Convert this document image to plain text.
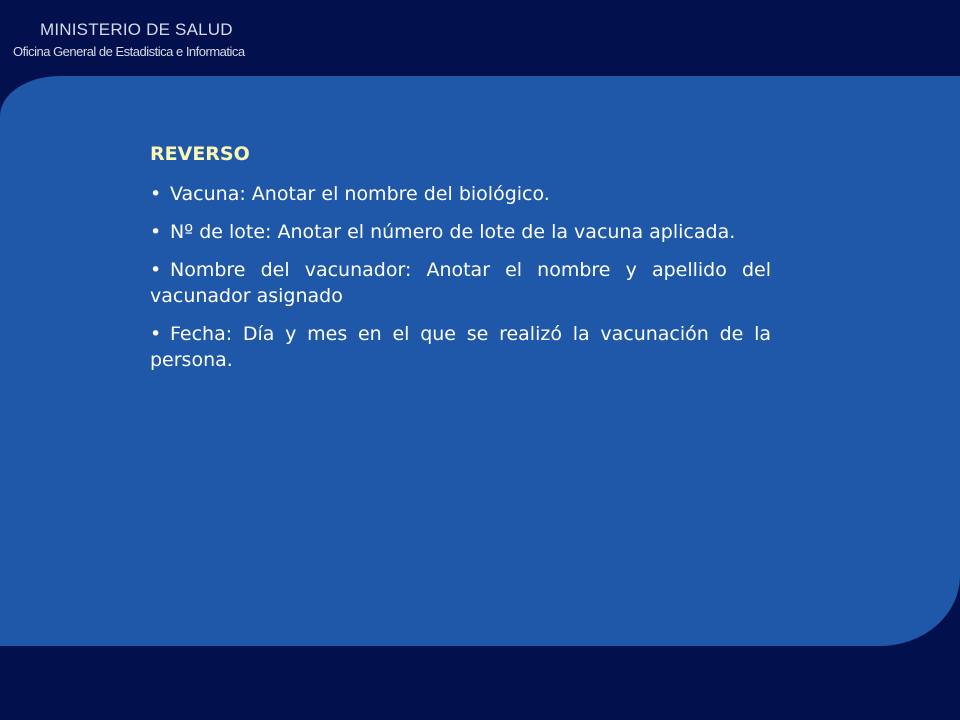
MINISTERIO DE SALUD
Oficina General de Estadistica e Informatica
REVERSO
• Vacuna: Anotar el nombre del biológico.
• Nº de lote: Anotar el número de lote de la vacuna aplicada.
• Nombre del vacunador: Anotar el nombre y apellido del vacunador asignado
• Fecha: Día y mes en el que se realizó la vacunación de la persona.
